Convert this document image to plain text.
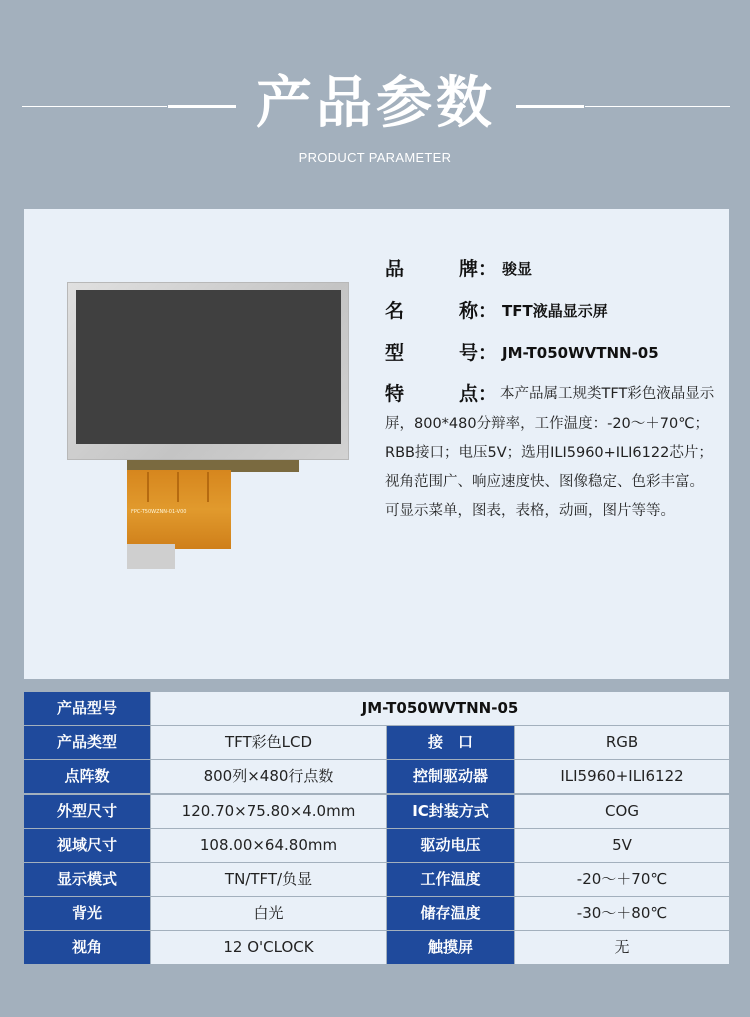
产品参数
PRODUCT PARAMETER
FPC-T50WZNN-01-V00
品	牌： 骏显
名	称： TFT液晶显示屏
型	号： JM-T050WVTNN-05
特	点： 本产品属工规类TFT彩色液晶显示屏，800*480分辩率，工作温度：-20～＋70℃；RBB接口；电压5V；选用ILI5960+ILI6122芯片；视角范围广、响应速度快、图像稳定、色彩丰富。可显示菜单，图表，表格，动画，图片等等。
产品型号	JM-T050WVTNN-05
产品类型	TFT彩色LCD	接　口	RGB
点阵数	800列×480行点数	控制驱动器	ILI5960+ILI6122
外型尺寸	120.70×75.80×4.0mm	IC封装方式	COG
视域尺寸	108.00×64.80mm	驱动电压	5V
显示模式	TN/TFT/负显	工作温度	-20～＋70℃
背光	白光	储存温度	-30～＋80℃
视角	12 O'CLOCK	触摸屏	无
